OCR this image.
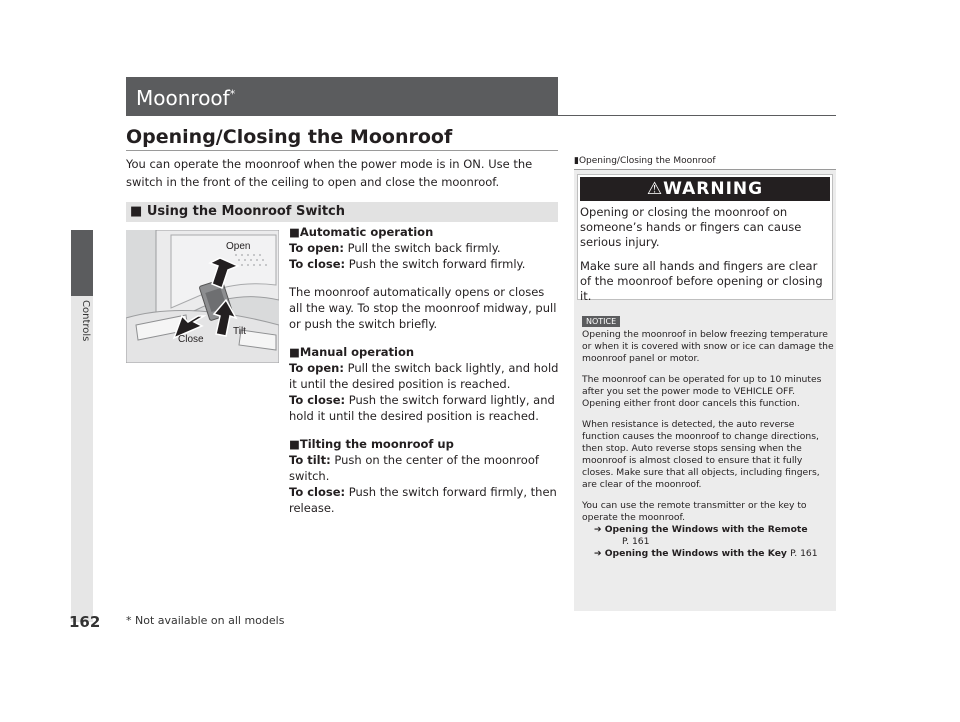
Controls
162 * Not available on all models
Moonroof*
Opening/Closing the Moonroof
You can operate the moonroof when the power mode is in ON. Use the switch in the front of the ceiling to open and close the moonroof.
■ Using the Moonroof Switch
Open
Tilt
Close
■Automatic operation
To open: Pull the switch back firmly.
To close: Push the switch forward firmly.
The moonroof automatically opens or closes all the way. To stop the moonroof midway, pull or push the switch briefly.
■Manual operation
To open: Pull the switch back lightly, and hold it until the desired position is reached.
To close: Push the switch forward lightly, and hold it until the desired position is reached.
■Tilting the moonroof up
To tilt: Push on the center of the moonroof switch.
To close: Push the switch forward firmly, then release.
▮Opening/Closing the Moonroof
⚠WARNING

Opening or closing the moonroof on someone’s hands or fingers can cause serious injury.

Make sure all hands and fingers are clear of the moonroof before opening or closing it.

NOTICE

Opening the moonroof in below freezing temperature or when it is covered with snow or ice can damage the moonroof panel or motor.

The moonroof can be operated for up to 10 minutes after you set the power mode to VEHICLE OFF. Opening either front door cancels this function.

When resistance is detected, the auto reverse function causes the moonroof to change directions, then stop. Auto reverse stops sensing when the moonroof is almost closed to ensure that it fully closes. Make sure that all objects, including fingers, are clear of the moonroof.

You can use the remote transmitter or the key to operate the moonroof.

➔ Opening the Windows with the Remote
P. 161
➔ Opening the Windows with the Key P. 161
